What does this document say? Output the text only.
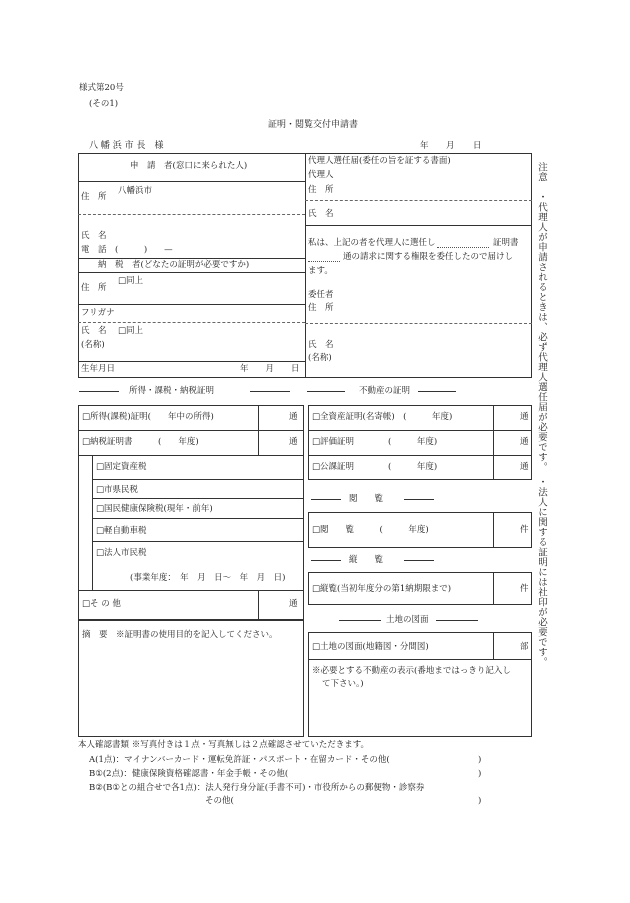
様式第20号
(その1)
証明・閲覧交付申請書
八 幡 浜 市 長　様	年 月 日
申　請　者(窓口に来られた人)
住　所
八幡浜市
氏　名
電　話　(　　　)　　—
納　税　者(どなたの証明が必要ですか)
住　所
□同上
フリガナ
氏　名 □同上
(名称)
生年月日	年　　月　　日
代理人選任届(委任の旨を証する書面)
代理人
住　所
氏　名
私は、上記の者を代理人に選任し	証明書
通の請求に関する権限を委任したので届けし
ます。
委任者
住　所
氏　名
(名称)
注意　・代理人が申請されるときは、必ず代理人選任届が必要です。　・法人に関する証明には社印が必要です。
所得・課税・納税証明
□所得(課税)証明(　　年中の所得)	通
□納税証明書　　　(　　年度)	通
□固定資産税
□市県民税
□国民健康保険税(現年・前年)
□軽自動車税
□法人市民税
(事業年度：　年　月　日〜　年　月　日)
□そ の 他	通
摘　要　※証明書の使用目的を記入してください。
不動産の証明
□全資産証明(名寄帳)　(　　　年度)	通
□評価証明　　　　(　　　年度)	通
□公課証明　　　　(　　　年度)	通
閲　　覧
□閲　　覧　　　(　　　年度)	件
縦　　覧
□縦覧(当初年度分の第1納期限まで)	件
土地の図面
□土地の図面(地籍図・分間図)	部
※必要とする不動産の表示(番地まではっきり記入し
て下さい。)
本人確認書類 ※写真付きは１点・写真無しは２点確認させていただきます。
A(1点)：マイナンバーカード・運転免許証・パスポート・在留カード・その他(	)
B①(2点)：健康保険資格確認書・年金手帳・その他(	)
B②(B①との組合せで各1点)：法人発行身分証(手書不可)・市役所からの郵便物・診察券
その他(	)
